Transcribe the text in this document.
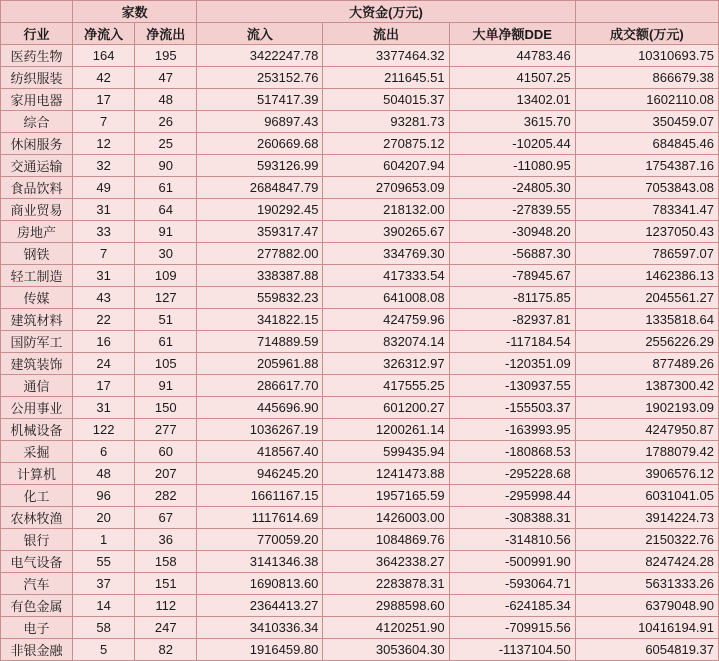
	家数		大资金(万元)			
行业	净流入	净流出	流入	流出	大单净额DDE	成交额(万元)
医药生物	164	195	3422247.78	3377464.32	44783.46	10310693.75
纺织服装	42	47	253152.76	211645.51	41507.25	866679.38
家用电器	17	48	517417.39	504015.37	13402.01	1602110.08
综合	7	26	96897.43	93281.73	3615.70	350459.07
休闲服务	12	25	260669.68	270875.12	-10205.44	684845.46
交通运输	32	90	593126.99	604207.94	-11080.95	1754387.16
食品饮料	49	61	2684847.79	2709653.09	-24805.30	7053843.08
商业贸易	31	64	190292.45	218132.00	-27839.55	783341.47
房地产	33	91	359317.47	390265.67	-30948.20	1237050.43
钢铁	7	30	277882.00	334769.30	-56887.30	786597.07
轻工制造	31	109	338387.88	417333.54	-78945.67	1462386.13
传媒	43	127	559832.23	641008.08	-81175.85	2045561.27
建筑材料	22	51	341822.15	424759.96	-82937.81	1335818.64
国防军工	16	61	714889.59	832074.14	-117184.54	2556226.29
建筑装饰	24	105	205961.88	326312.97	-120351.09	877489.26
通信	17	91	286617.70	417555.25	-130937.55	1387300.42
公用事业	31	150	445696.90	601200.27	-155503.37	1902193.09
机械设备	122	277	1036267.19	1200261.14	-163993.95	4247950.87
采掘	6	60	418567.40	599435.94	-180868.53	1788079.42
计算机	48	207	946245.20	1241473.88	-295228.68	3906576.12
化工	96	282	1661167.15	1957165.59	-295998.44	6031041.05
农林牧渔	20	67	1117614.69	1426003.00	-308388.31	3914224.73
银行	1	36	770059.20	1084869.76	-314810.56	2150322.76
电气设备	55	158	3141346.38	3642338.27	-500991.90	8247424.28
汽车	37	151	1690813.60	2283878.31	-593064.71	5631333.26
有色金属	14	112	2364413.27	2988598.60	-624185.34	6379048.90
电子	58	247	3410336.34	4120251.90	-709915.56	10416194.91
非银金融	5	82	1916459.80	3053604.30	-1137104.50	6054819.37
